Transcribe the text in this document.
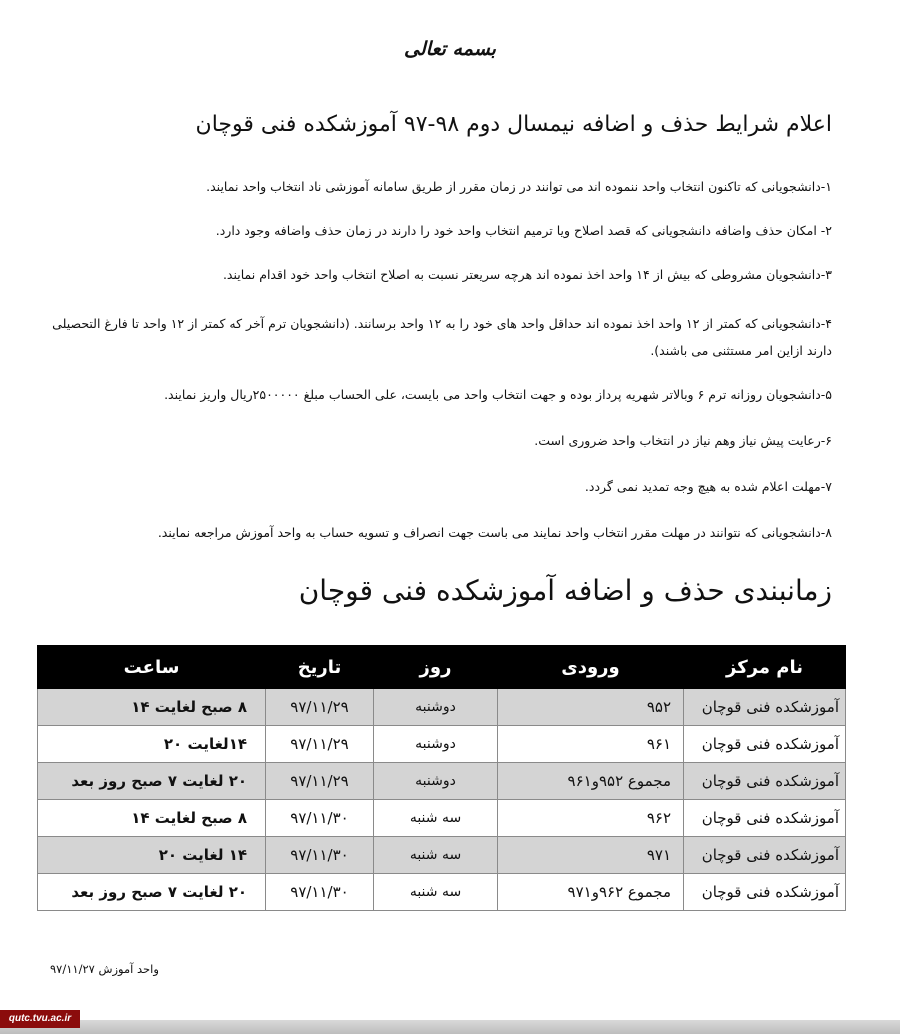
بسمه تعالی
اعلام شرایط حذف و اضافه نیمسال دوم ۹۸-۹۷ آموزشکده فنی قوچان
۱-دانشجویانی که تاکنون انتخاب واحد ننموده اند می توانند در زمان مقرر از طریق سامانه آموزشی ناد انتخاب واحد نمایند.
۲- امکان حذف واضافه دانشجویانی که قصد اصلاح ویا ترمیم انتخاب واحد خود را دارند در زمان حذف واضافه وجود دارد.
۳-دانشجویان مشروطی که بیش از ۱۴ واحد اخذ نموده اند هرچه سریعتر نسبت به اصلاح انتخاب واحد خود اقدام نمایند.
۴-دانشجویانی که کمتر از ۱۲ واحد اخذ نموده اند حداقل واحد های خود را به ۱۲ واحد برسانند. (دانشجویان ترم آخر که کمتر از ۱۲ واحد تا فارغ التحصیلی دارند ازاین امر مستثنی می باشند).
۵-دانشجویان روزانه ترم ۶ وبالاتر شهریه پرداز بوده و جهت انتخاب واحد می بایست، علی الحساب مبلغ ۲۵۰۰۰۰۰ریال واریز نمایند.
۶-رعایت پیش نیاز وهم نیاز در انتخاب واحد ضروری است.
۷-مهلت اعلام شده به هیچ وجه تمدید نمی گردد.
۸-دانشجویانی که نتوانند در مهلت مقرر انتخاب واحد نمایند می باست جهت انصراف و تسویه حساب به واحد آموزش مراجعه نمایند.
زمانبندی حذف و اضافه آموزشکده فنی قوچان
نام مرکز	ورودی	روز	تاریخ	ساعت
آموزشکده فنی قوچان	۹۵۲	دوشنبه	۹۷/۱۱/۲۹	۸ صبح لغایت ۱۴
آموزشکده فنی قوچان	۹۶۱	دوشنبه	۹۷/۱۱/۲۹	۱۴لغایت ۲۰
آموزشکده فنی قوچان	مجموع ۹۵۲و۹۶۱	دوشنبه	۹۷/۱۱/۲۹	۲۰ لغایت ۷ صبح روز بعد
آموزشکده فنی قوچان	۹۶۲	سه شنبه	۹۷/۱۱/۳۰	۸ صبح لغایت ۱۴
آموزشکده فنی قوچان	۹۷۱	سه شنبه	۹۷/۱۱/۳۰	۱۴ لغایت ۲۰
آموزشکده فنی قوچان	مجموع ۹۶۲و۹۷۱	سه شنبه	۹۷/۱۱/۳۰	۲۰ لغایت ۷ صبح روز بعد
واحد آموزش ۹۷/۱۱/۲۷
qutc.tvu.ac.ir
